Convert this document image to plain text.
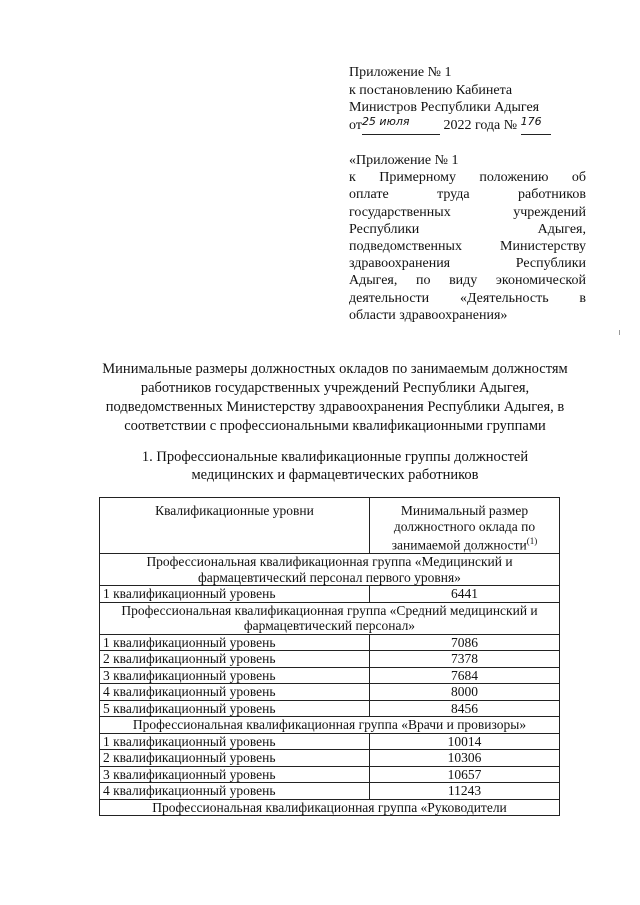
Приложение № 1
к постановлению Кабинета
Министров Республики Адыгея
$от^{25 июля}$ 2022 года № $^{176}$
«Приложение № 1
к Примерному положению об
оплате труда работников
государственных учреждений
Республики Адыгея,
подведомственных Министерству
здравоохранения Республики
Адыгея, по виду экономической
деятельности «Деятельность в
области здравоохранения»
Минимальные размеры должностных окладов по занимаемым должностям
работников государственных учреждений Республики Адыгея,
подведомственных Министерству здравоохранения Республики Адыгея, в
соответствии с профессиональными квалификационными группами
1. Профессиональные квалификационные группы должностей
медицинских и фармацевтических работников
Квалификационные уровни	Минимальный размер должностного оклада по занимаемой должности$^{(1)}$
Профессиональная квалификационная группа «Медицинский и фармацевтический персонал первого уровня»	
1 квалификационный уровень	6441
Профессиональная квалификационная группа «Средний медицинский и фармацевтический персонал»	
1 квалификационный уровень	7086
2 квалификационный уровень	7378
3 квалификационный уровень	7684
4 квалификационный уровень	8000
5 квалификационный уровень	8456
Профессиональная квалификационная группа «Врачи и провизоры»	
1 квалификационный уровень	10014
2 квалификационный уровень	10306
3 квалификационный уровень	10657
4 квалификационный уровень	11243
Профессиональная квалификационная группа «Руководители	
